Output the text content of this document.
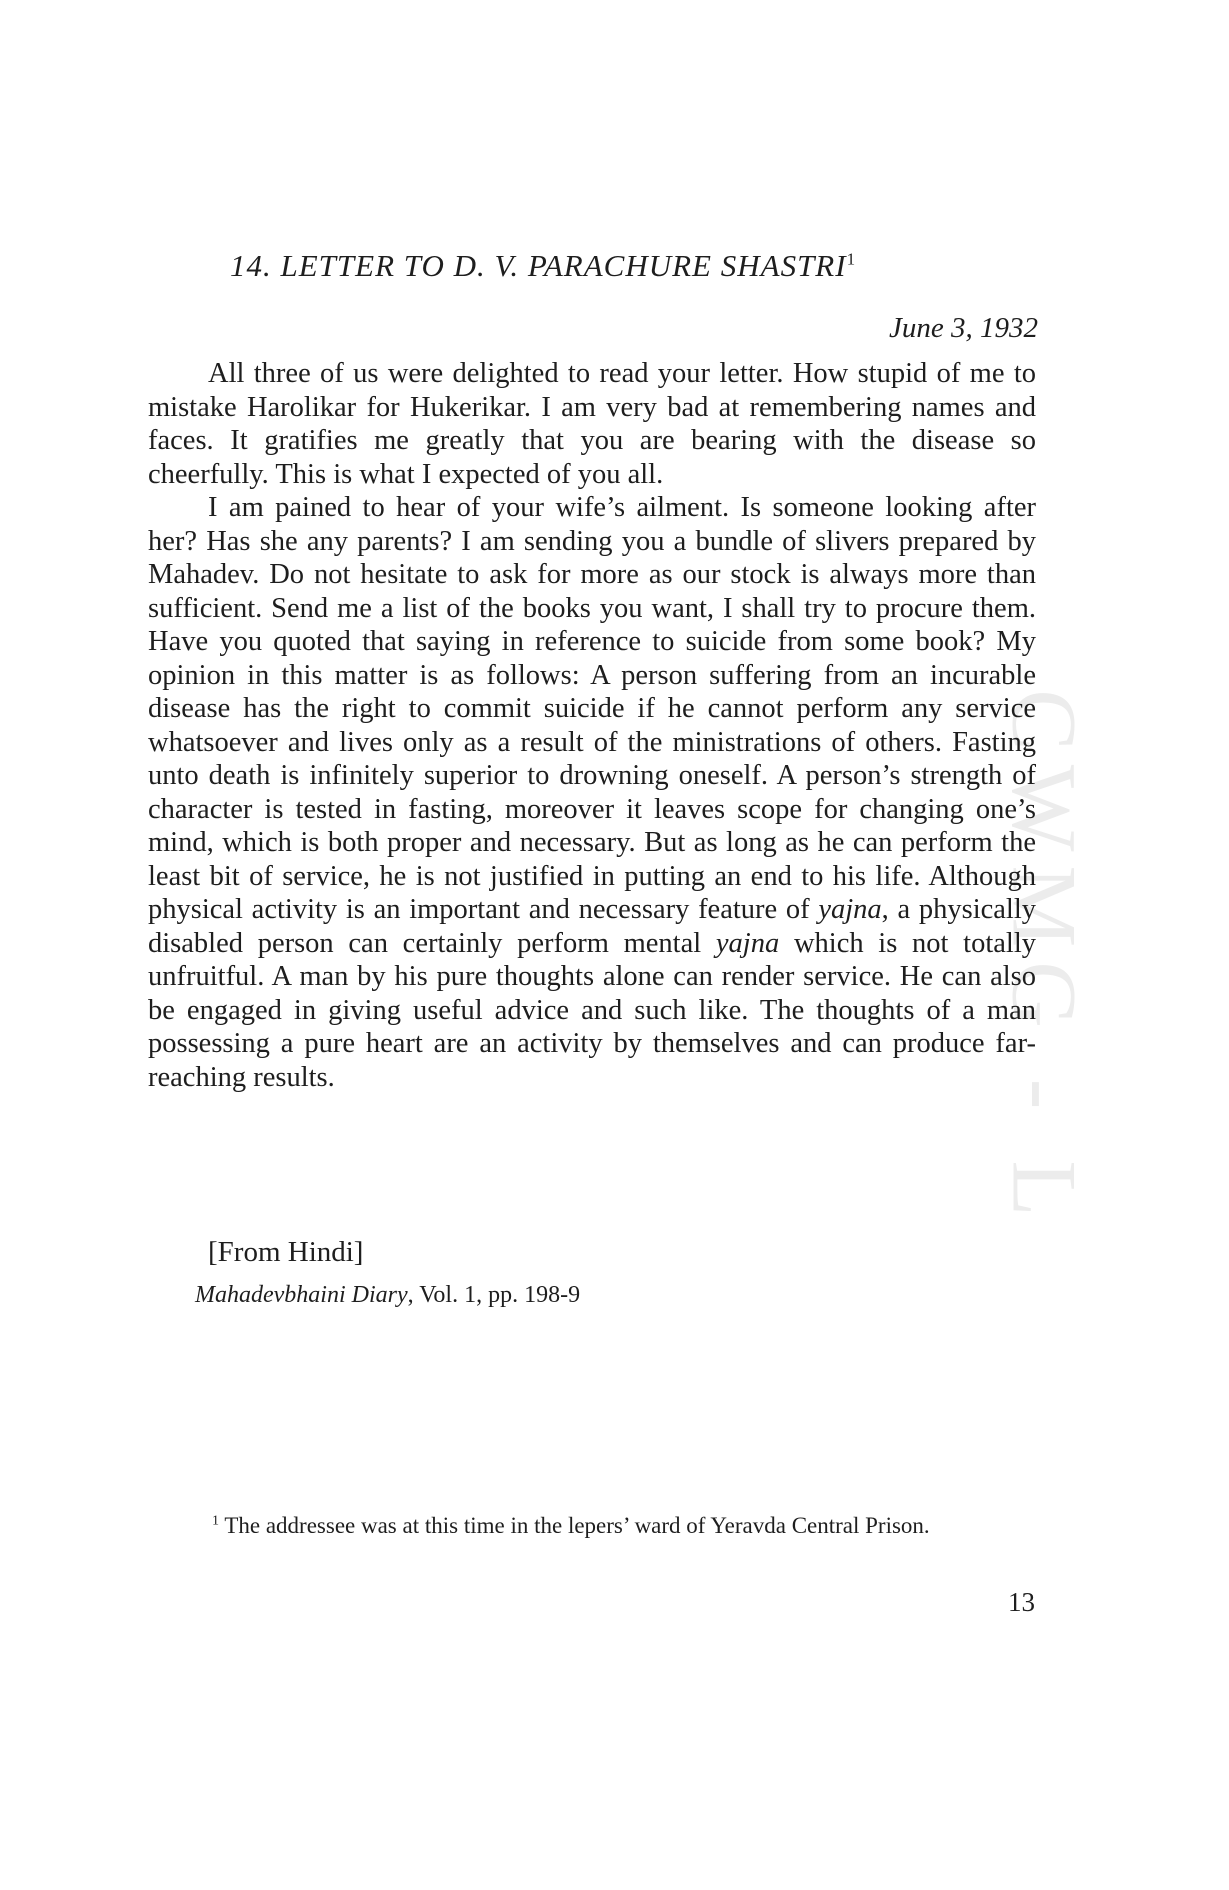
CWMG - L
14. LETTER TO D. V. PARACHURE SHASTRI$^1$
June 3, 1932

All three of us were delighted to read your letter. How stupid of me to mistake Harolikar for Hukerikar. I am very bad at remembering names and faces. It gratifies me greatly that you are bearing with the disease so cheerfully. This is what I expected of you all.

I am pained to hear of your wife’s ailment. Is someone looking after her? Has she any parents? I am sending you a bundle of slivers prepared by Mahadev. Do not hesitate to ask for more as our stock is always more than sufficient. Send me a list of the books you want, I shall try to procure them. Have you quoted that saying in reference to suicide from some book? My opinion in this matter is as follows: A person suffering from an incurable disease has the right to commit suicide if he cannot perform any service whatsoever and lives only as a result of the ministrations of others. Fasting unto death is infinitely superior to drowning oneself. A person’s strength of character is tested in fasting, moreover it leaves scope for changing one’s mind, which is both proper and necessary. But as long as he can perform the least bit of service, he is not justified in putting an end to his life. Although physical activity is an important and necessary feature of yajna, a physically disabled person can certainly perform mental yajna which is not totally unfruitful. A man by his pure thoughts alone can render service. He can also be engaged in giving useful advice and such like. The thoughts of a man possessing a pure heart are an activity by themselves and can produce far-reaching results.

[From Hindi]
Mahadevbhaini Diary, Vol. 1, pp. 198-9

$^1$ The addressee was at this time in the lepers’ ward of Yeravda Central Prison.

13
